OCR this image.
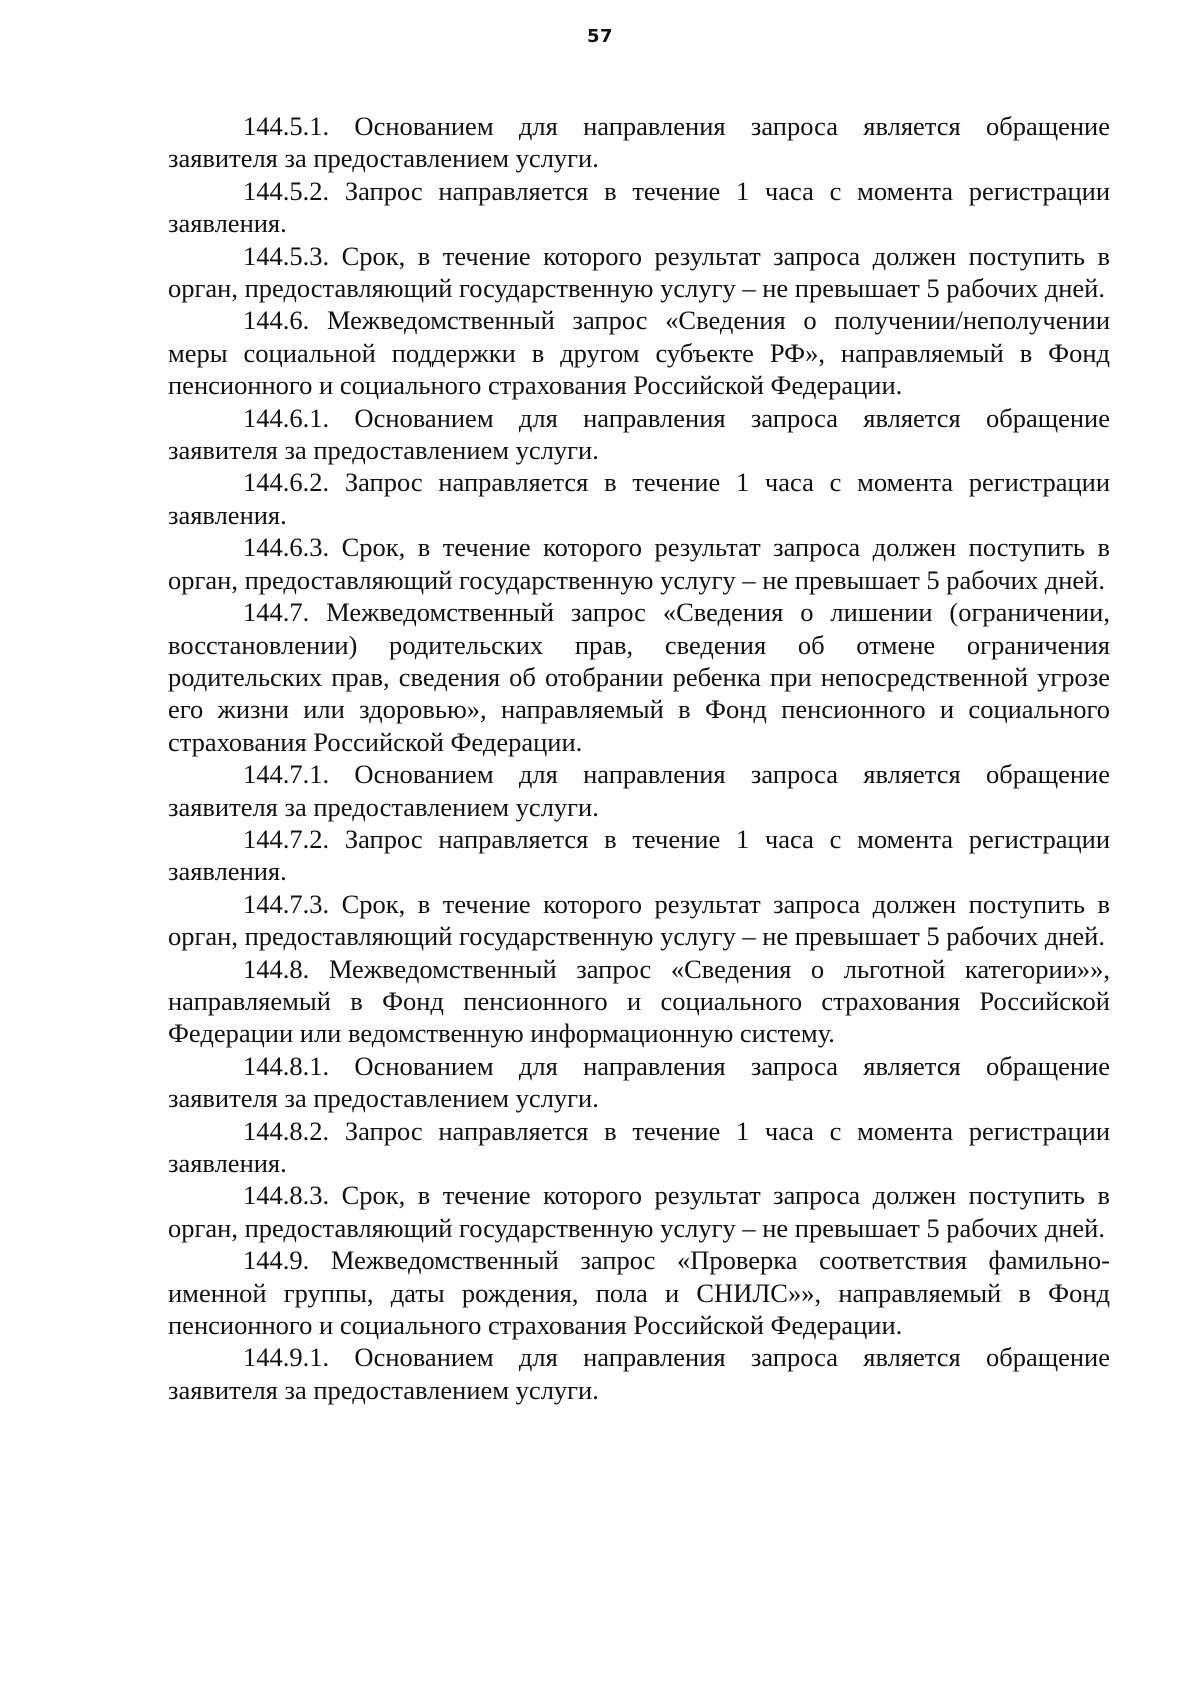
57

144.5.1. Основанием для направления запроса является обращение заявителя за предоставлением услуги.

144.5.2. Запрос направляется в течение 1 часа с момента регистрации заявления.

144.5.3. Срок, в течение которого результат запроса должен поступить в орган, предоставляющий государственную услугу – не превышает 5 рабочих дней.

144.6. Межведомственный запрос «Сведения о получении/неполучении меры социальной поддержки в другом субъекте РФ», направляемый в Фонд пенсионного и социального страхования Российской Федерации.

144.6.1. Основанием для направления запроса является обращение заявителя за предоставлением услуги.

144.6.2. Запрос направляется в течение 1 часа с момента регистрации заявления.

144.6.3. Срок, в течение которого результат запроса должен поступить в орган, предоставляющий государственную услугу – не превышает 5 рабочих дней.

144.7. Межведомственный запрос «Сведения о лишении (ограничении, восстановлении) родительских прав, сведения об отмене ограничения родительских прав, сведения об отобрании ребенка при непосредственной угрозе его жизни или здоровью», направляемый в Фонд пенсионного и социального страхования Российской Федерации.

144.7.1. Основанием для направления запроса является обращение заявителя за предоставлением услуги.

144.7.2. Запрос направляется в течение 1 часа с момента регистрации заявления.

144.7.3. Срок, в течение которого результат запроса должен поступить в орган, предоставляющий государственную услугу – не превышает 5 рабочих дней.

144.8. Межведомственный запрос «Сведения о льготной категории»», направляемый в Фонд пенсионного и социального страхования Российской Федерации или ведомственную информационную систему.

144.8.1. Основанием для направления запроса является обращение заявителя за предоставлением услуги.

144.8.2. Запрос направляется в течение 1 часа с момента регистрации заявления.

144.8.3. Срок, в течение которого результат запроса должен поступить в орган, предоставляющий государственную услугу – не превышает 5 рабочих дней.

144.9. Межведомственный запрос «Проверка соответствия фамильно-именной группы, даты рождения, пола и СНИЛС»», направляемый в Фонд пенсионного и социального страхования Российской Федерации.

144.9.1. Основанием для направления запроса является обращение заявителя за предоставлением услуги.
